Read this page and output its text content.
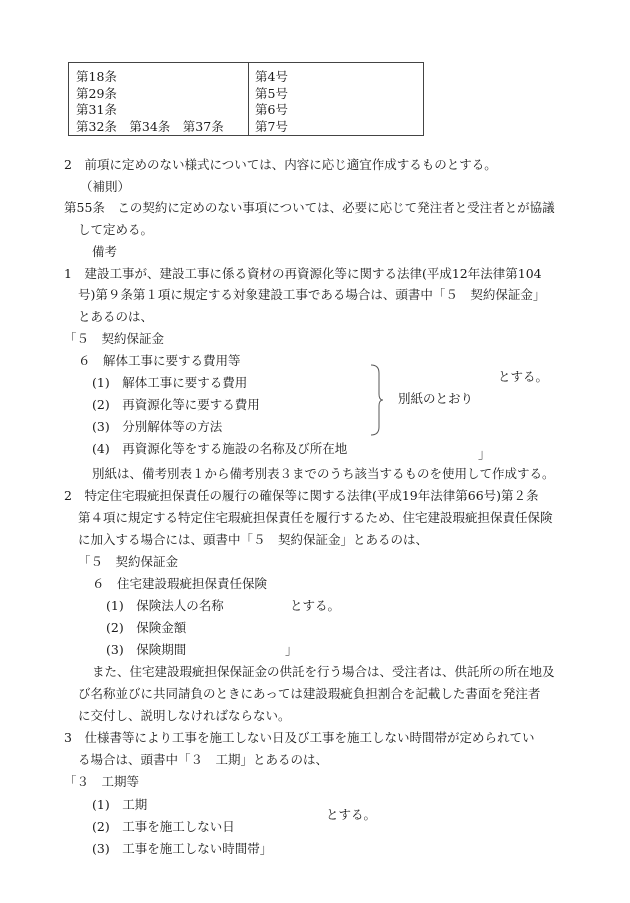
第18条
第29条
第31条
第32条　第34条　第37条
第4号
第5号
第6号
第7号
2　前項に定めのない様式については、内容に応じ適宜作成するものとする。
（補則）
第55条　この契約に定めのない事項については、必要に応じて発注者と受注者とが協議
して定める。
備考
1　建設工事が、建設工事に係る資材の再資源化等に関する法律(平成12年法律第104
号)第９条第１項に規定する対象建設工事である場合は、頭書中「５　契約保証金」
とあるのは、
「５　契約保証金
６　解体工事に要する費用等
(1)　解体工事に要する費用
(2)　再資源化等に要する費用
(3)　分別解体等の方法
(4)　再資源化等をする施設の名称及び所在地
別紙のとおり
とする。
」
別紙は、備考別表１から備考別表３までのうち該当するものを使用して作成する。
2　特定住宅瑕疵担保責任の履行の確保等に関する法律(平成19年法律第66号)第２条
第４項に規定する特定住宅瑕疵担保責任を履行するため、住宅建設瑕疵担保責任保険
に加入する場合には、頭書中「５　契約保証金」とあるのは、
「５　契約保証金
６　住宅建設瑕疵担保責任保険
(1)　保険法人の名称	とする。
(2)　保険金額
(3)　保険期間	」
また、住宅建設瑕疵担保保証金の供託を行う場合は、受注者は、供託所の所在地及
び名称並びに共同請負のときにあっては建設瑕疵負担割合を記載した書面を発注者
に交付し、説明しなければならない。
3　仕様書等により工事を施工しない日及び工事を施工しない時間帯が定められてい
る場合は、頭書中「３　工期」とあるのは、
「３　工期等
(1)　工期
とする。
(2)　工事を施工しない日
(3)　工事を施工しない時間帯」
